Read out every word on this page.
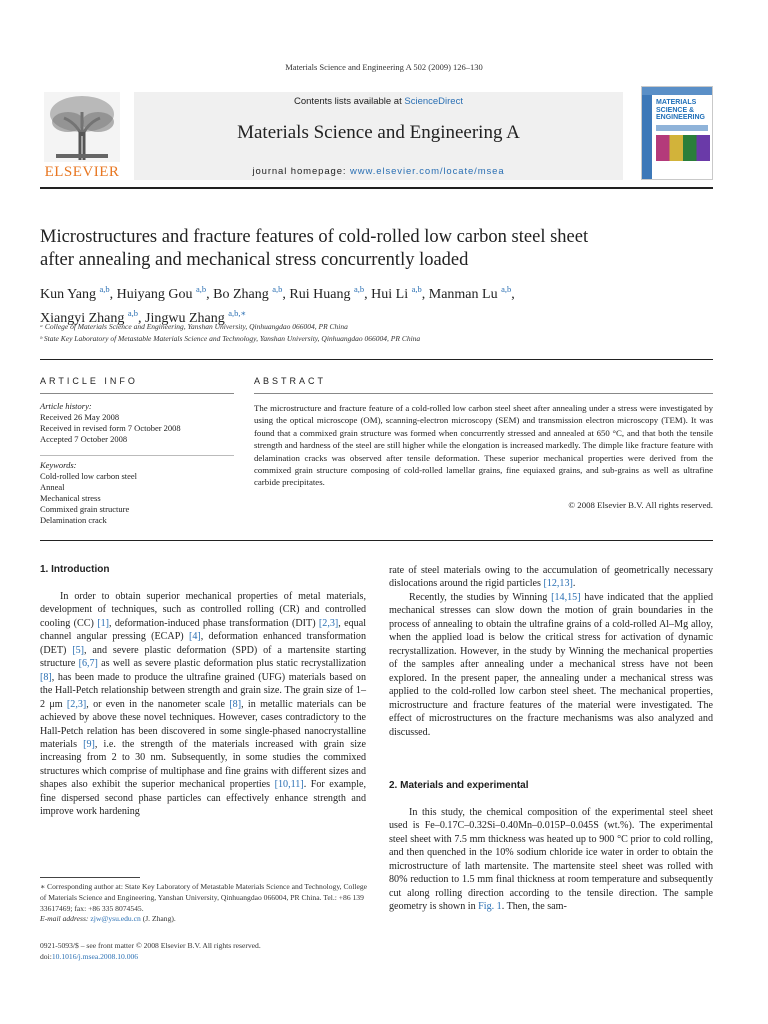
Materials Science and Engineering A 502 (2009) 126–130
ELSEVIER
Contents lists available at ScienceDirect
Materials Science and Engineering A
journal homepage: www.elsevier.com/locate/msea
MATERIALS
SCIENCE &
ENGINEERING
Microstructures and fracture features of cold-rolled low carbon steel sheet
after annealing and mechanical stress concurrently loaded
Kun Yang $^{a,b}$, Huiyang Gou $^{a,b}$, Bo Zhang $^{a,b}$, Rui Huang $^{a,b}$, Hui Li $^{a,b}$, Manman Lu $^{a,b}$,
Xiangyi Zhang $^{a,b}$, Jingwu Zhang $^{a,b,∗}$
ᵃ College of Materials Science and Engineering, Yanshan University, Qinhuangdao 066004, PR China
ᵇ State Key Laboratory of Metastable Materials Science and Technology, Yanshan University, Qinhuangdao 066004, PR China
ARTICLE INFO	ABSTRACT
Article history:
Received 26 May 2008
Received in revised form 7 October 2008
Accepted 7 October 2008
Keywords:
Cold-rolled low carbon steel
Anneal
Mechanical stress
Commixed grain structure
Delamination crack
The microstructure and fracture feature of a cold-rolled low carbon steel sheet after annealing under a stress were investigated by using the optical microscope (OM), scanning-electron microscopy (SEM) and transmission electron microscopy (TEM). It was found that a commixed grain structure was formed when concurrently stressed and annealed at 650 °C, and that both the tensile strength and hardness of the steel are still higher while the elongation is increased markedly. The dimple like fracture feature with delamination cracks was observed after tensile deformation. These superior mechanical properties were derived from the commixed grain structure composing of cold-rolled lamellar grains, fine equiaxed grains, and sub-grains as well as ultrafine carbide precipitates.
© 2008 Elsevier B.V. All rights reserved.
1. Introduction
In order to obtain superior mechanical properties of metal materials, development of techniques, such as controlled rolling (CR) and controlled cooling (CC) [1], deformation-induced phase transformation (DIT) [2,3], equal channel angular pressing (ECAP) [4], deformation enhanced transformation (DET) [5], and severe plastic deformation (SPD) of a martensite starting structure [6,7] as well as severe plastic deformation plus static recrystallization [8], has been made to produce the ultrafine grained (UFG) materials based on the Hall-Petch relationship between strength and grain size. The grain size of 1–2 μm [2,3], or even in the nanometer scale [8], in metallic materials can be achieved by above these novel techniques. However, cases contradictory to the Hall-Petch relation has been discovered in some single-phased nanocrystalline materials [9], i.e. the strength of the materials increased with grain size increasing from 2 to 30 nm. Subsequently, in some studies the commixed structures which comprise of multiphase and fine grains with different sizes and shapes also exhibit the superior mechanical properties [10,11]. For example, fine dispersed second phase particles can effectively enhance strength and improve work hardening
rate of steel materials owing to the accumulation of geometrically necessary dislocations around the rigid particles [12,13].
Recently, the studies by Winning [14,15] have indicated that the applied mechanical stresses can slow down the motion of grain boundaries in the process of annealing to obtain the ultrafine grains of a cold-rolled Al–Mg alloy, when the applied load is below the critical stress for activation of dynamic recrystallization. However, in the study by Winning the mechanical properties of the samples after annealing under a mechanical stress have not been explored. In the present paper, the annealing under a mechanical stress was applied to the cold-rolled low carbon steel sheet. The mechanical properties, microstructure and fracture features of the material were investigated. The effect of microstructures on the fracture mechanisms was also analyzed and discussed.
2. Materials and experimental
In this study, the chemical composition of the experimental steel sheet used is Fe–0.17C–0.32Si–0.40Mn–0.015P–0.045S (wt.%). The experimental steel sheet with 7.5 mm thickness was heated up to 900 °C prior to cold rolling, and then quenched in the 10% sodium chloride ice water in order to obtain the microstructure of lath martensite. The martensite steel sheet was rolled with 80% reduction to 1.5 mm final thickness at room temperature and subsequently cut along rolling direction according to the tensile direction. The sample geometry is shown in Fig. 1. Then, the sam-
∗ Corresponding author at: State Key Laboratory of Metastable Materials Science and Technology, College of Materials Science and Engineering, Yanshan University, Qinhuangdao 066004, PR China. Tel.: +86 139 33617469; fax: +86 335 8074545.
E-mail address: zjw@ysu.edu.cn (J. Zhang).
0921-5093/$ – see front matter © 2008 Elsevier B.V. All rights reserved.
doi:10.1016/j.msea.2008.10.006
